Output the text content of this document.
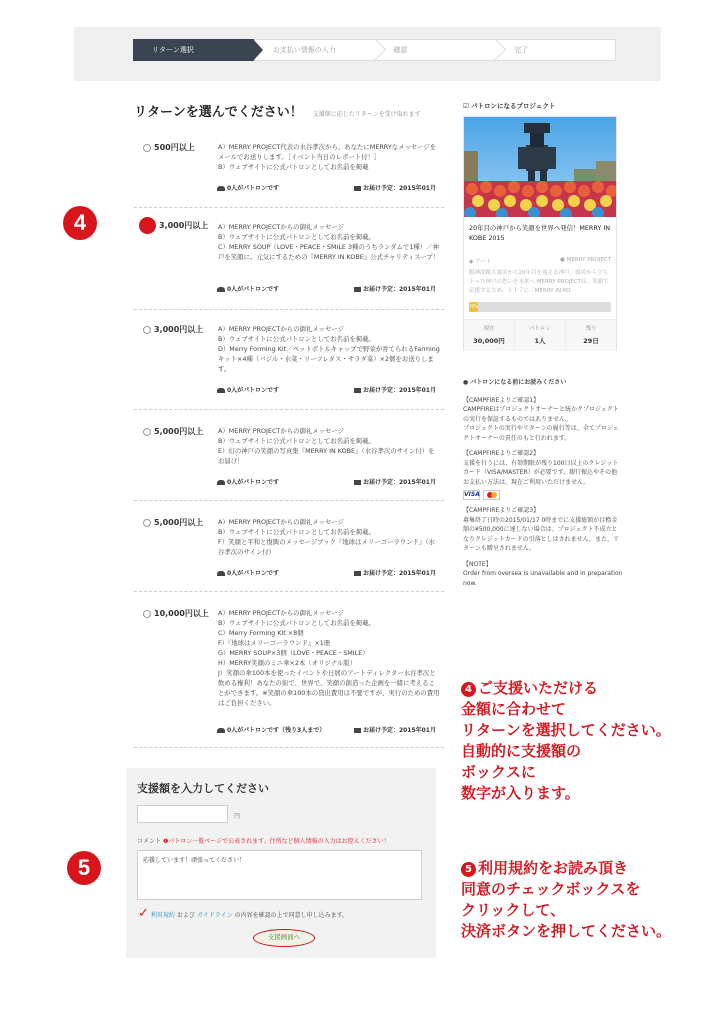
リターン選択	お支払い情報の入力	確認	完了
リターンを選んでください！ 支援額に応じたリターンを受け取れます
500円以上	A）MERRY PROJECT代表の水谷孝次から、あなたにMERRYなメッセージをメールでお送りします。［イベント当日のレポート付！］
B）ウェブサイトに公式パトロンとしてお名前を掲載
0人がパトロンです	お届け予定：2015年01月
3,000円以上 A）MERRY PROJECTからの御礼メッセージ
B）ウェブサイトに公式パトロンとしてお名前を掲載。
C）MERRY SOUP（LOVE・PEACE・SMILE 3種のうちランダムで1種）／神戸を笑顔に。元気にするための『MERRY IN KOBE』公式チャリティスープ！
0人がパトロンです	お届け予定：2015年01月
3,000円以上 A）MERRY PROJECTからの御礼メッセージ
B）ウェブサイトに公式パトロンとしてお名前を掲載。
D）Merry Forming Kit／ペットボトルキャップで野菜が育てられるFarmingキット×4種（バジル・水菜・リーフレタス・サラダ菜）×2個をお送りします。
0人がパトロンです	お届け予定：2015年01月
5,000円以上 A）MERRY PROJECTからの御礼メッセージ
B）ウェブサイトに公式パトロンとしてお名前を掲載。
E）幻の神戸の笑顔の写真集『MERRY IN KOBE』（水谷孝次のサイン付）をお届け！
0人がパトロンです	お届け予定：2015年01月
5,000円以上 A）MERRY PROJECTからの御礼メッセージ
B）ウェブサイトに公式パトロンとしてお名前を掲載。
F）笑顔と平和と復興のメッセージブック『地球はメリーゴーラウンド』（水谷孝次のサイン付）
0人がパトロンです	お届け予定：2015年01月
10,000円以上 A）MERRY PROJECTからの御礼メッセージ
B）ウェブサイトに公式パトロンとしてお名前を掲載。
C）Merry Forming Kit ×8個
F）『地球はメリーゴーラウンド』×1冊
G）MERRY SOUP×3個（LOVE・PEACE・SMILE）
H）MERRY笑顔のミニ傘×2本（オリジナル版）
J）笑顔の傘100本を使ったイベントや日展のアートディレクター水谷孝次と飲める権利！あなたの街で、世界で、笑顔の創造った企画を一緒に考えることができます。※笑顔の傘100本の貸出費用は不要ですが、実行のための費用はご負担ください。
0人がパトロンです（残り3人まで）	お届け予定：2015年01月
支援額を入力してください
円
コメント ❶パトロン一覧ページで公表されます。住所など個人情報の入力はお控えください！
応援しています！頑張ってください！
✓ 利用規約 および ガイドライン の内容を確認の上で同意し申し込みます。
支援画面へ
☑ パトロンになるプロジェクト
20年目の神戸から笑顔を世界へ発信！MERRY IN KOBE 2015
◆ アート	● MERRY PROJECT
阪神淡路大震災から20年目を迎える神戸。震災から立ち上った神戸の思いを未来へ MERRY PROJECTは、笑顔で応援するため、１１７に「MERRY IN KO
0%
現在
30,000円
パトロン
1人
残り
29日
● パトロンになる前にお読みください
【CAMPFIREよりご確認1】
CAMPFIREはプロジェクトオーナーと統かクプロジェクトの実行を保証するものではありません。
プロジェクトの実行やリターンの履行等は、全てプロジェクトオーナーの責任のもと行われます。
【CAMPFIREよりご確認2】
支援を行うには、有効期限が残り100日以上のクレジットカード（VISA/MASTER）が必要です。銀行振込やその他お支払い方法は、現在ご利用いただけません。
VISA
【CAMPFIREよりご確認3】
募集終了日時の2015/01/17 0時までに支援総額が目標金額の¥500,000に達しない場合は、プロジェクト不成立となりクレジットカードの引落としはされません。また、リターンも贈呈されません。
【NOTE】
Order from oversea is unavailable and in preparation now.
4
5
4 ご支援いただける
金額に合わせて
リターンを選択してください。
自動的に支援額の
ボックスに
数字が入ります。
5 利用規約をお読み頂き
同意のチェックボックスを
クリックして、
決済ボタンを押してください。
